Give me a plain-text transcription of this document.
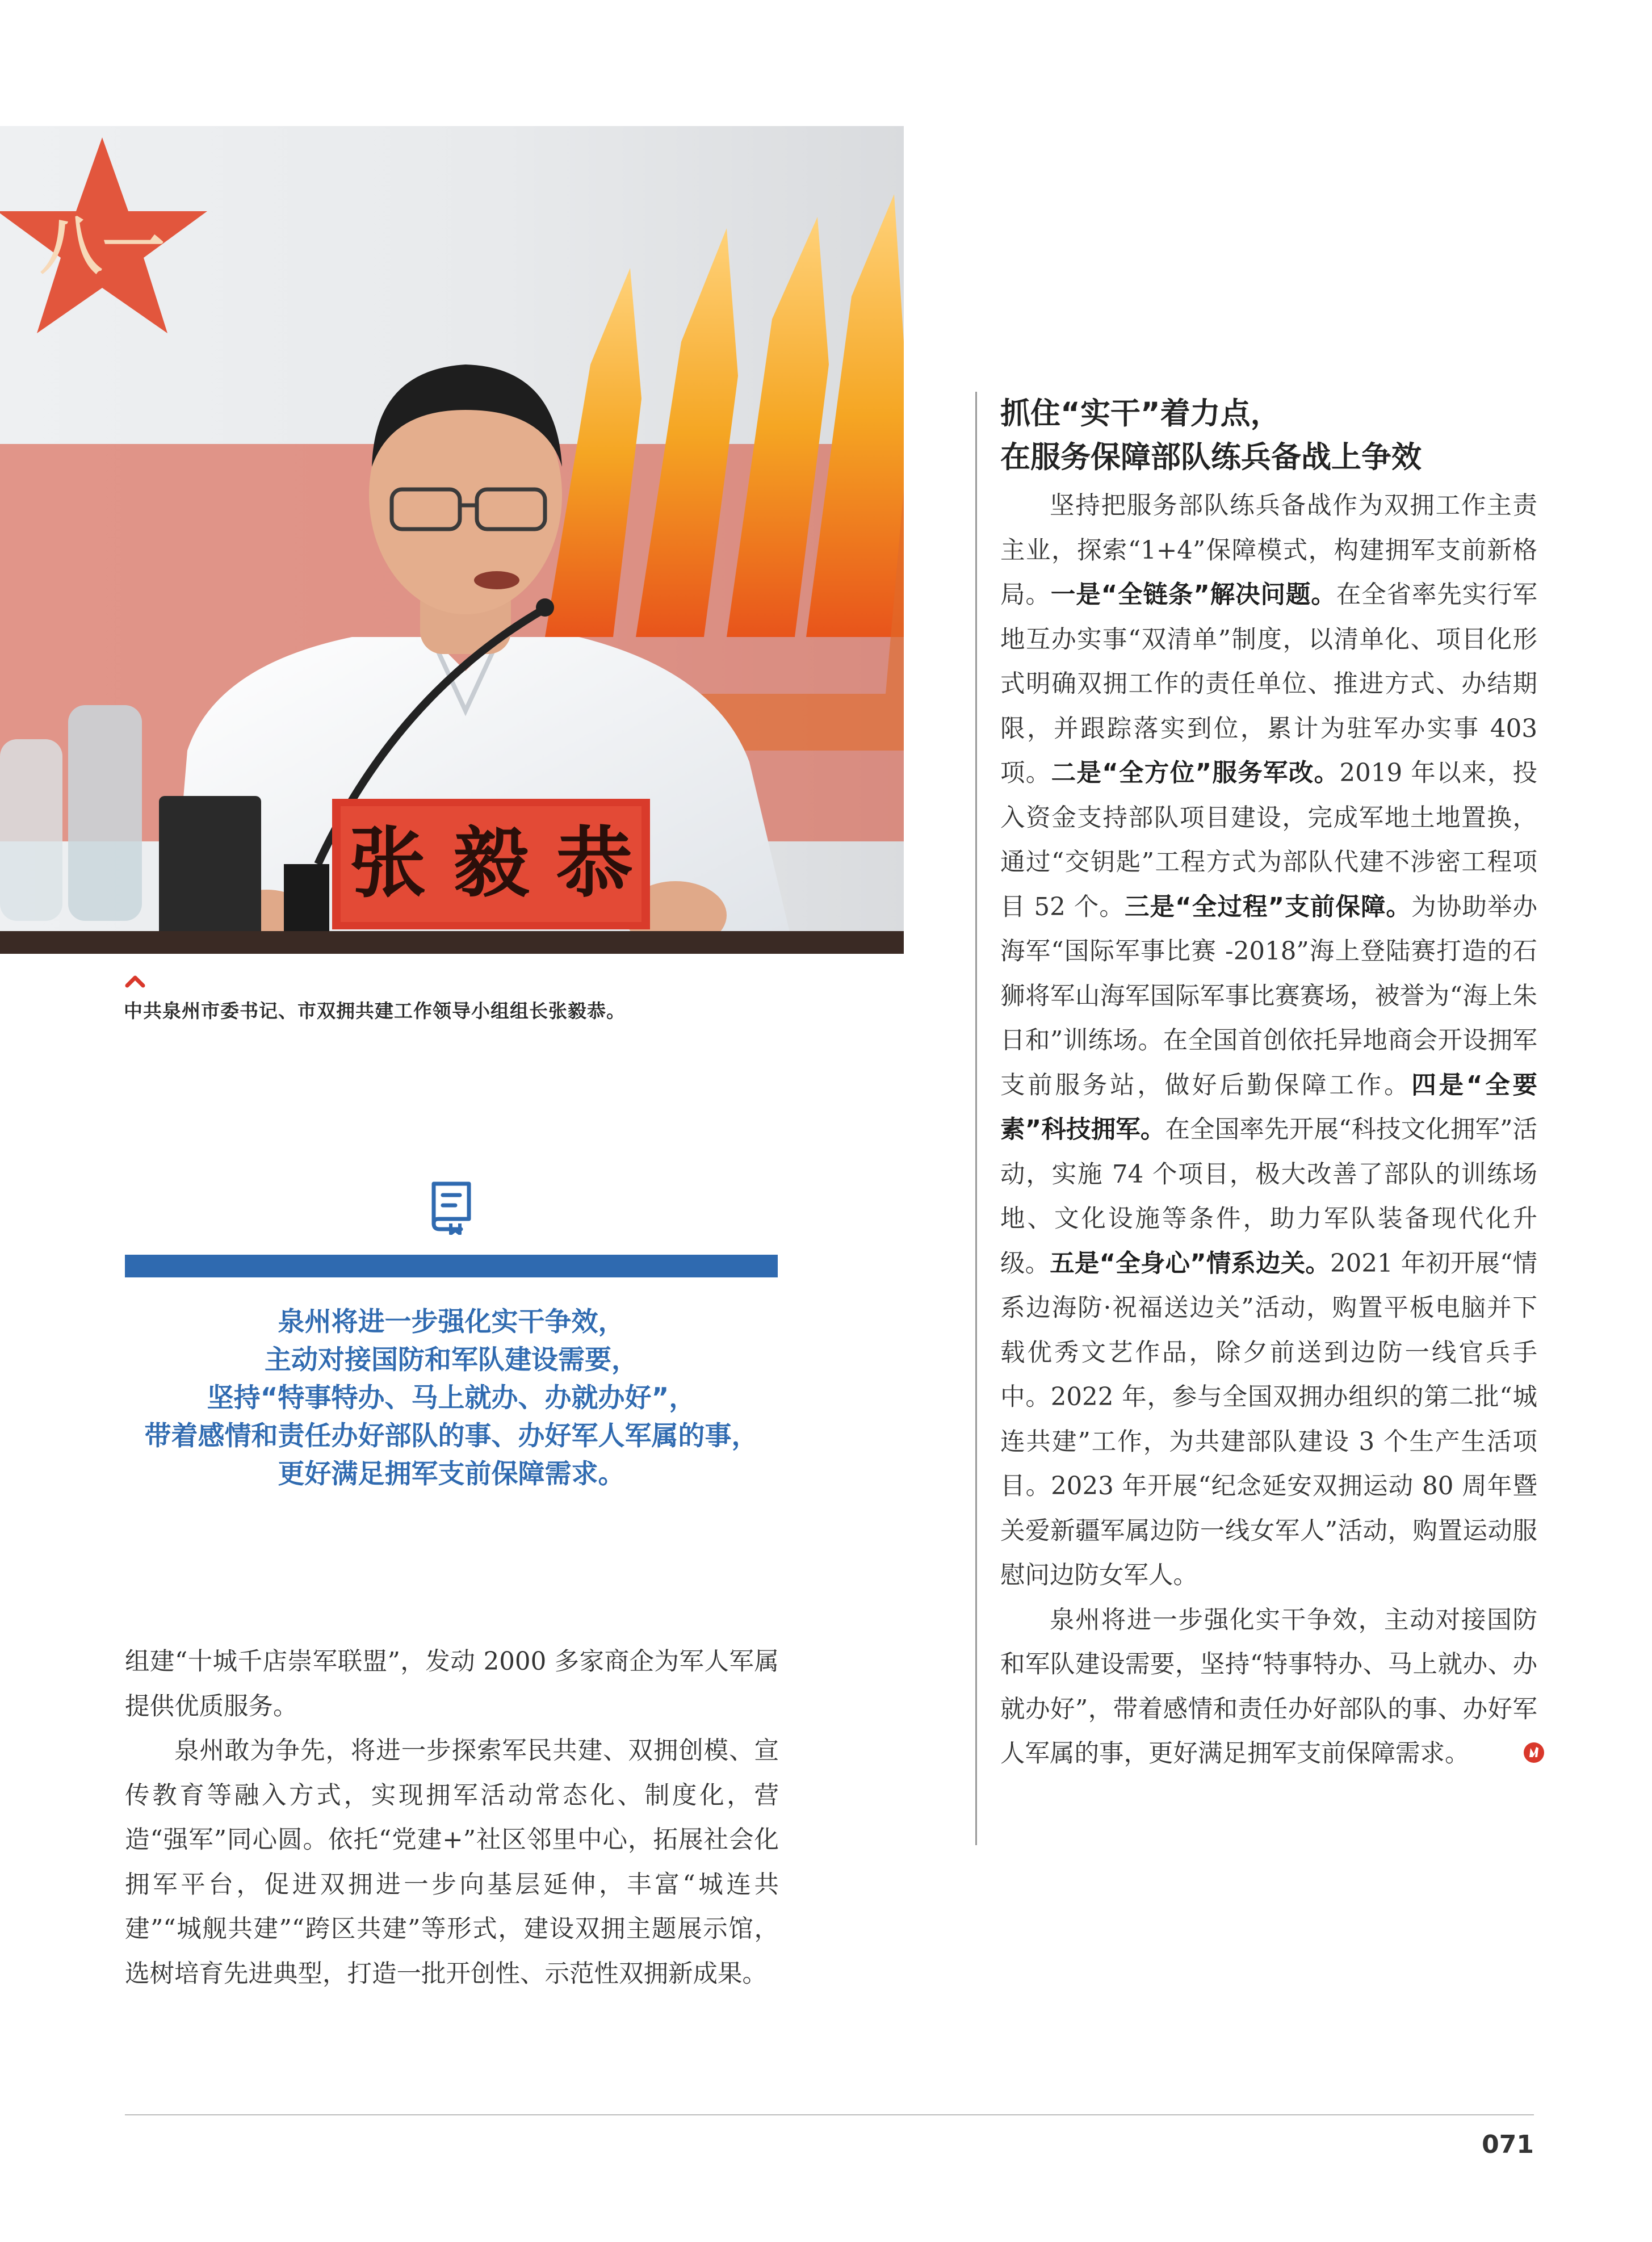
八一
张 毅 恭
中共泉州市委书记、市双拥共建工作领导小组组长张毅恭。
泉州将进一步强化实干争效，
主动对接国防和军队建设需要，
坚持“特事特办、马上就办、办就办好”，
带着感情和责任办好部队的事、办好军人军属的事，
更好满足拥军支前保障需求。

组建“十城千店崇军联盟”，发动 2000 多家商企为军人军属提供优质服务。

泉州敢为争先，将进一步探索军民共建、双拥创模、宣传教育等融入方式，实现拥军活动常态化、制度化，营造“强军”同心圆。依托“党建+”社区邻里中心，拓展社会化拥军平台，促进双拥进一步向基层延伸，丰富“城连共建”“城舰共建”“跨区共建”等形式，建设双拥主题展示馆，选树培育先进典型，打造一批开创性、示范性双拥新成果。

抓住“实干”着力点，
在服务保障部队练兵备战上争效

坚持把服务部队练兵备战作为双拥工作主责主业，探索“1+4”保障模式，构建拥军支前新格局。一是“全链条”解决问题。在全省率先实行军地互办实事“双清单”制度，以清单化、项目化形式明确双拥工作的责任单位、推进方式、办结期限，并跟踪落实到位，累计为驻军办实事 403 项。二是“全方位”服务军改。2019 年以来，投入资金支持部队项目建设，完成军地土地置换，通过“交钥匙”工程方式为部队代建不涉密工程项目 52 个。三是“全过程”支前保障。为协助举办海军“国际军事比赛 -2018”海上登陆赛打造的石狮将军山海军国际军事比赛赛场，被誉为“海上朱日和”训练场。在全国首创依托异地商会开设拥军支前服务站，做好后勤保障工作。四是“全要素”科技拥军。在全国率先开展“科技文化拥军”活动，实施 74 个项目，极大改善了部队的训练场地、文化设施等条件，助力军队装备现代化升级。五是“全身心”情系边关。2021 年初开展“情系边海防·祝福送边关”活动，购置平板电脑并下载优秀文艺作品，除夕前送到边防一线官兵手中。2022 年，参与全国双拥办组织的第二批“城连共建”工作，为共建部队建设 3 个生产生活项目。2023 年开展“纪念延安双拥运动 80 周年暨关爱新疆军属边防一线女军人”活动，购置运动服慰问边防女军人。

泉州将进一步强化实干争效，主动对接国防和军队建设需要，坚持“特事特办、马上就办、办就办好”，带着感情和责任办好部队的事、办好军人军属的事，更好满足拥军支前保障需求。

071
